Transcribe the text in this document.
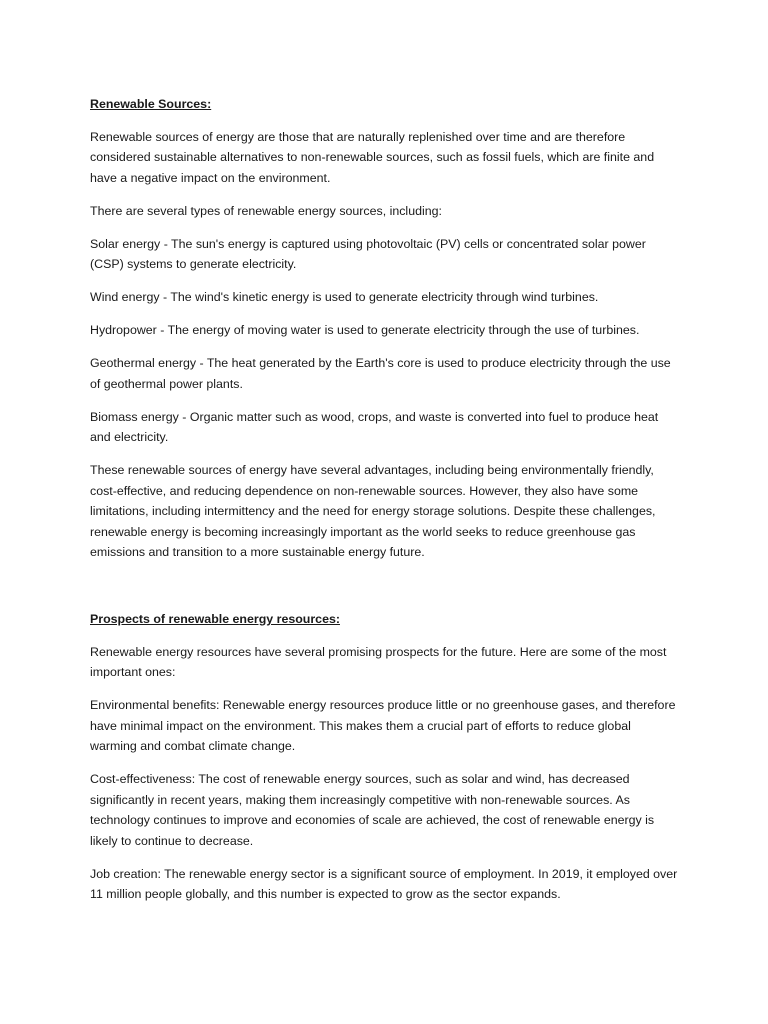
Renewable Sources:

Renewable sources of energy are those that are naturally replenished over time and are therefore considered sustainable alternatives to non-renewable sources, such as fossil fuels, which are finite and have a negative impact on the environment.

There are several types of renewable energy sources, including:

Solar energy - The sun's energy is captured using photovoltaic (PV) cells or concentrated solar power (CSP) systems to generate electricity.

Wind energy - The wind's kinetic energy is used to generate electricity through wind turbines.

Hydropower - The energy of moving water is used to generate electricity through the use of turbines.

Geothermal energy - The heat generated by the Earth's core is used to produce electricity through the use of geothermal power plants.

Biomass energy - Organic matter such as wood, crops, and waste is converted into fuel to produce heat and electricity.

These renewable sources of energy have several advantages, including being environmentally friendly, cost-effective, and reducing dependence on non-renewable sources. However, they also have some limitations, including intermittency and the need for energy storage solutions. Despite these challenges, renewable energy is becoming increasingly important as the world seeks to reduce greenhouse gas emissions and transition to a more sustainable energy future.

Prospects of renewable energy resources:

Renewable energy resources have several promising prospects for the future. Here are some of the most important ones:

Environmental benefits: Renewable energy resources produce little or no greenhouse gases, and therefore have minimal impact on the environment. This makes them a crucial part of efforts to reduce global warming and combat climate change.

Cost-effectiveness: The cost of renewable energy sources, such as solar and wind, has decreased significantly in recent years, making them increasingly competitive with non-renewable sources. As technology continues to improve and economies of scale are achieved, the cost of renewable energy is likely to continue to decrease.

Job creation: The renewable energy sector is a significant source of employment. In 2019, it employed over 11 million people globally, and this number is expected to grow as the sector expands.
